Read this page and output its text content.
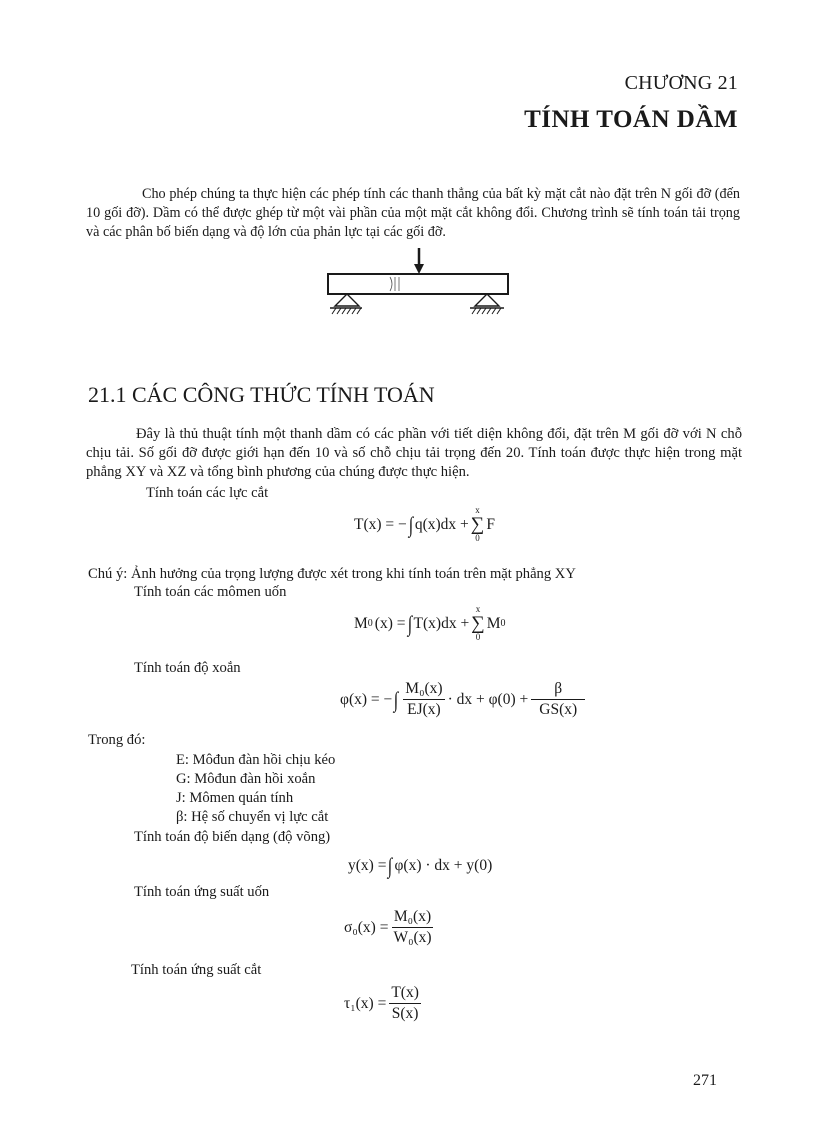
CHƯƠNG 21
TÍNH TOÁN DẦM

Cho phép chúng ta thực hiện các phép tính các thanh thẳng của bất kỳ mặt cắt nào đặt trên N gối đỡ (đến 10 gối đỡ). Dầm có thể được ghép từ một vài phần của một mặt cắt không đổi. Chương trình sẽ tính toán tải trọng và các phân bố biến dạng và độ lớn của phản lực tại các gối đỡ.

21.1 CÁC CÔNG THỨC TÍNH TOÁN

Đây là thủ thuật tính một thanh dầm có các phần với tiết diện không đổi, đặt trên M gối đỡ với N chỗ chịu tải. Số gối đỡ được giới hạn đến 10 và số chỗ chịu tải trọng đến 20. Tính toán được thực hiện trong mặt phẳng XY và XZ và tổng bình phương của chúng được thực hiện.

Tính toán các lực cắt
T(x) = − ∫ q(x)dx +
x
∑
0
F
Chú ý: Ảnh hưởng của trọng lượng được xét trong khi tính toán trên mặt phẳng XY
Tính toán các mômen uốn
M 0 (x) = ∫ T(x)dx +
x
∑
0
M 0
Tính toán độ xoắn
φ(x) = − ∫ $\frac{\text{M₀(x)}}{EJ(x)}$ · dx + $\varphi(0) + \frac{\beta}{GS(x)}$
Trong đó:
E: Môđun đàn hồi chịu kéo
G: Môđun đàn hồi xoắn
J: Mômen quán tính
β: Hệ số chuyển vị lực cắt
Tính toán độ biến dạng (độ võng)
y(x) = ∫ φ(x) · dx + y(0)
Tính toán ứng suất uốn
$\sigma_0(x) = \frac{\text{M₀(x)}}{\text{W₀(x)}}$
Tính toán ứng suất cắt
$\tau_1(x) = \frac{T(x)}{S(x)}$
271
